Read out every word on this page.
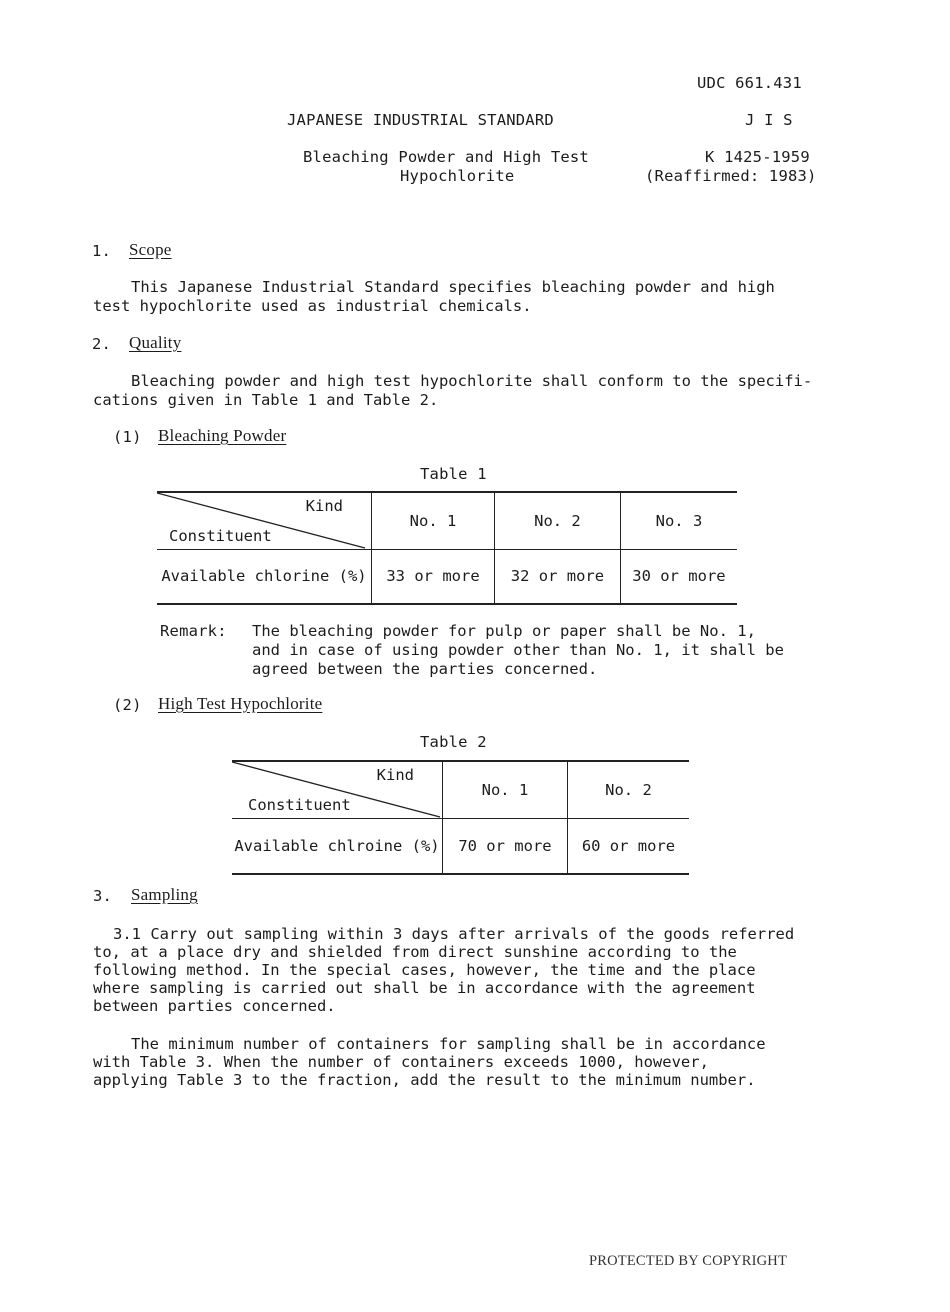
UDC 661.431
JAPANESE INDUSTRIAL STANDARD	J I S
Bleaching Powder and High Test
Hypochlorite
K 1425-1959
(Reaffirmed: 1983)
1. Scope
This Japanese Industrial Standard specifies bleaching powder and high
test hypochlorite used as industrial chemicals.
2. Quality
Bleaching powder and high test hypochlorite shall conform to the specifi-
cations given in Table 1 and Table 2.
(1) Bleaching Powder
Table 1
Kind
Constituent	No. 1	No. 2	No. 3
Available chlorine (%)	33 or more	32 or more	30 or more
Remark: The bleaching powder for pulp or paper shall be No. 1,
and in case of using powder other than No. 1, it shall be
agreed between the parties concerned.
(2) High Test Hypochlorite
Table 2
Kind
Constituent	No. 1	No. 2
Available chlroine (%)	70 or more	60 or more
3. Sampling
3.1 Carry out sampling within 3 days after arrivals of the goods referred
to, at a place dry and shielded from direct sunshine according to the
following method. In the special cases, however, the time and the place
where sampling is carried out shall be in accordance with the agreement
between parties concerned.
The minimum number of containers for sampling shall be in accordance
with Table 3. When the number of containers exceeds 1000, however,
applying Table 3 to the fraction, add the result to the minimum number.
PROTECTED BY COPYRIGHT
